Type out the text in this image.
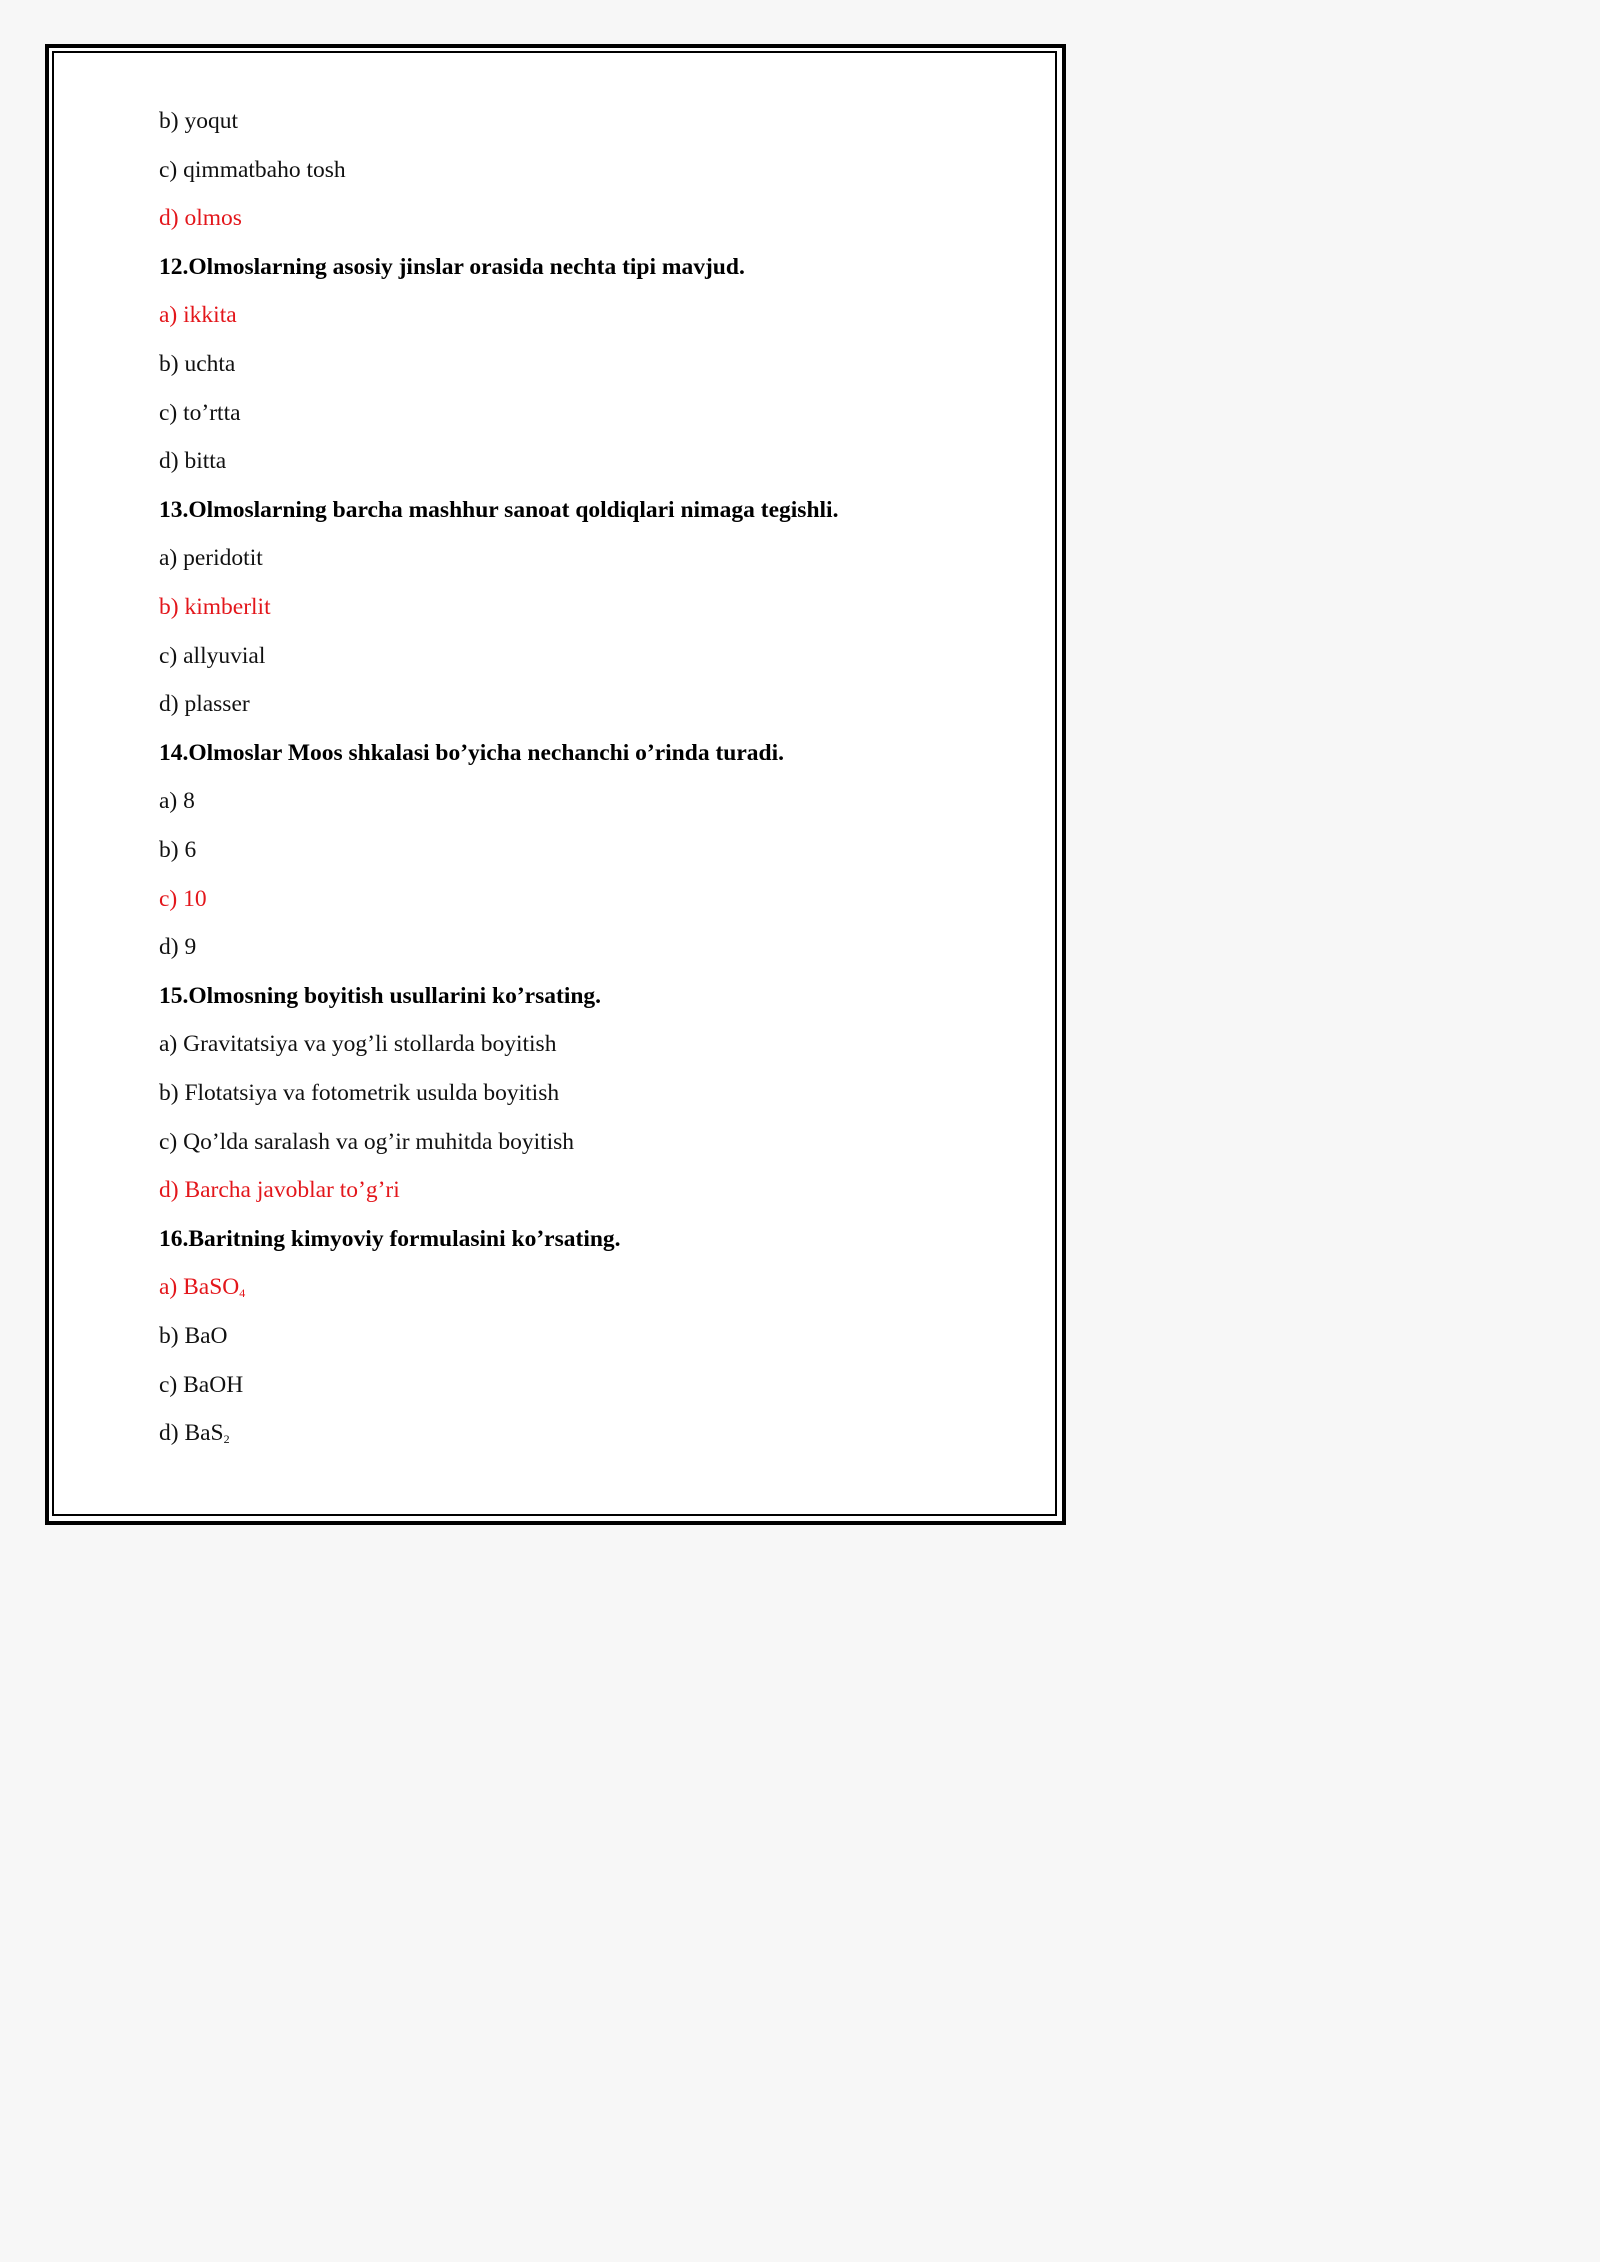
b) yoqut
c) qimmatbaho tosh
d) olmos
12.Olmoslarning asosiy jinslar orasida nechta tipi mavjud.
a) ikkita
b) uchta
c) to’rtta
d) bitta
13.Olmoslarning barcha mashhur sanoat qoldiqlari nimaga tegishli.
a) peridotit
b) kimberlit
c) allyuvial
d) plasser
14.Olmoslar Moos shkalasi bo’yicha nechanchi o’rinda turadi.
a) 8
b) 6
c) 10
d) 9
15.Olmosning boyitish usullarini ko’rsating.
a) Gravitatsiya va yog’li stollarda boyitish
b) Flotatsiya va fotometrik usulda boyitish
c) Qo’lda saralash va og’ir muhitda boyitish
d) Barcha javoblar to’g’ri
16.Baritning kimyoviy formulasini ko’rsating.
a) BaSO$_4$
b) BaO
c) BaOH
d) BaS$_2$
